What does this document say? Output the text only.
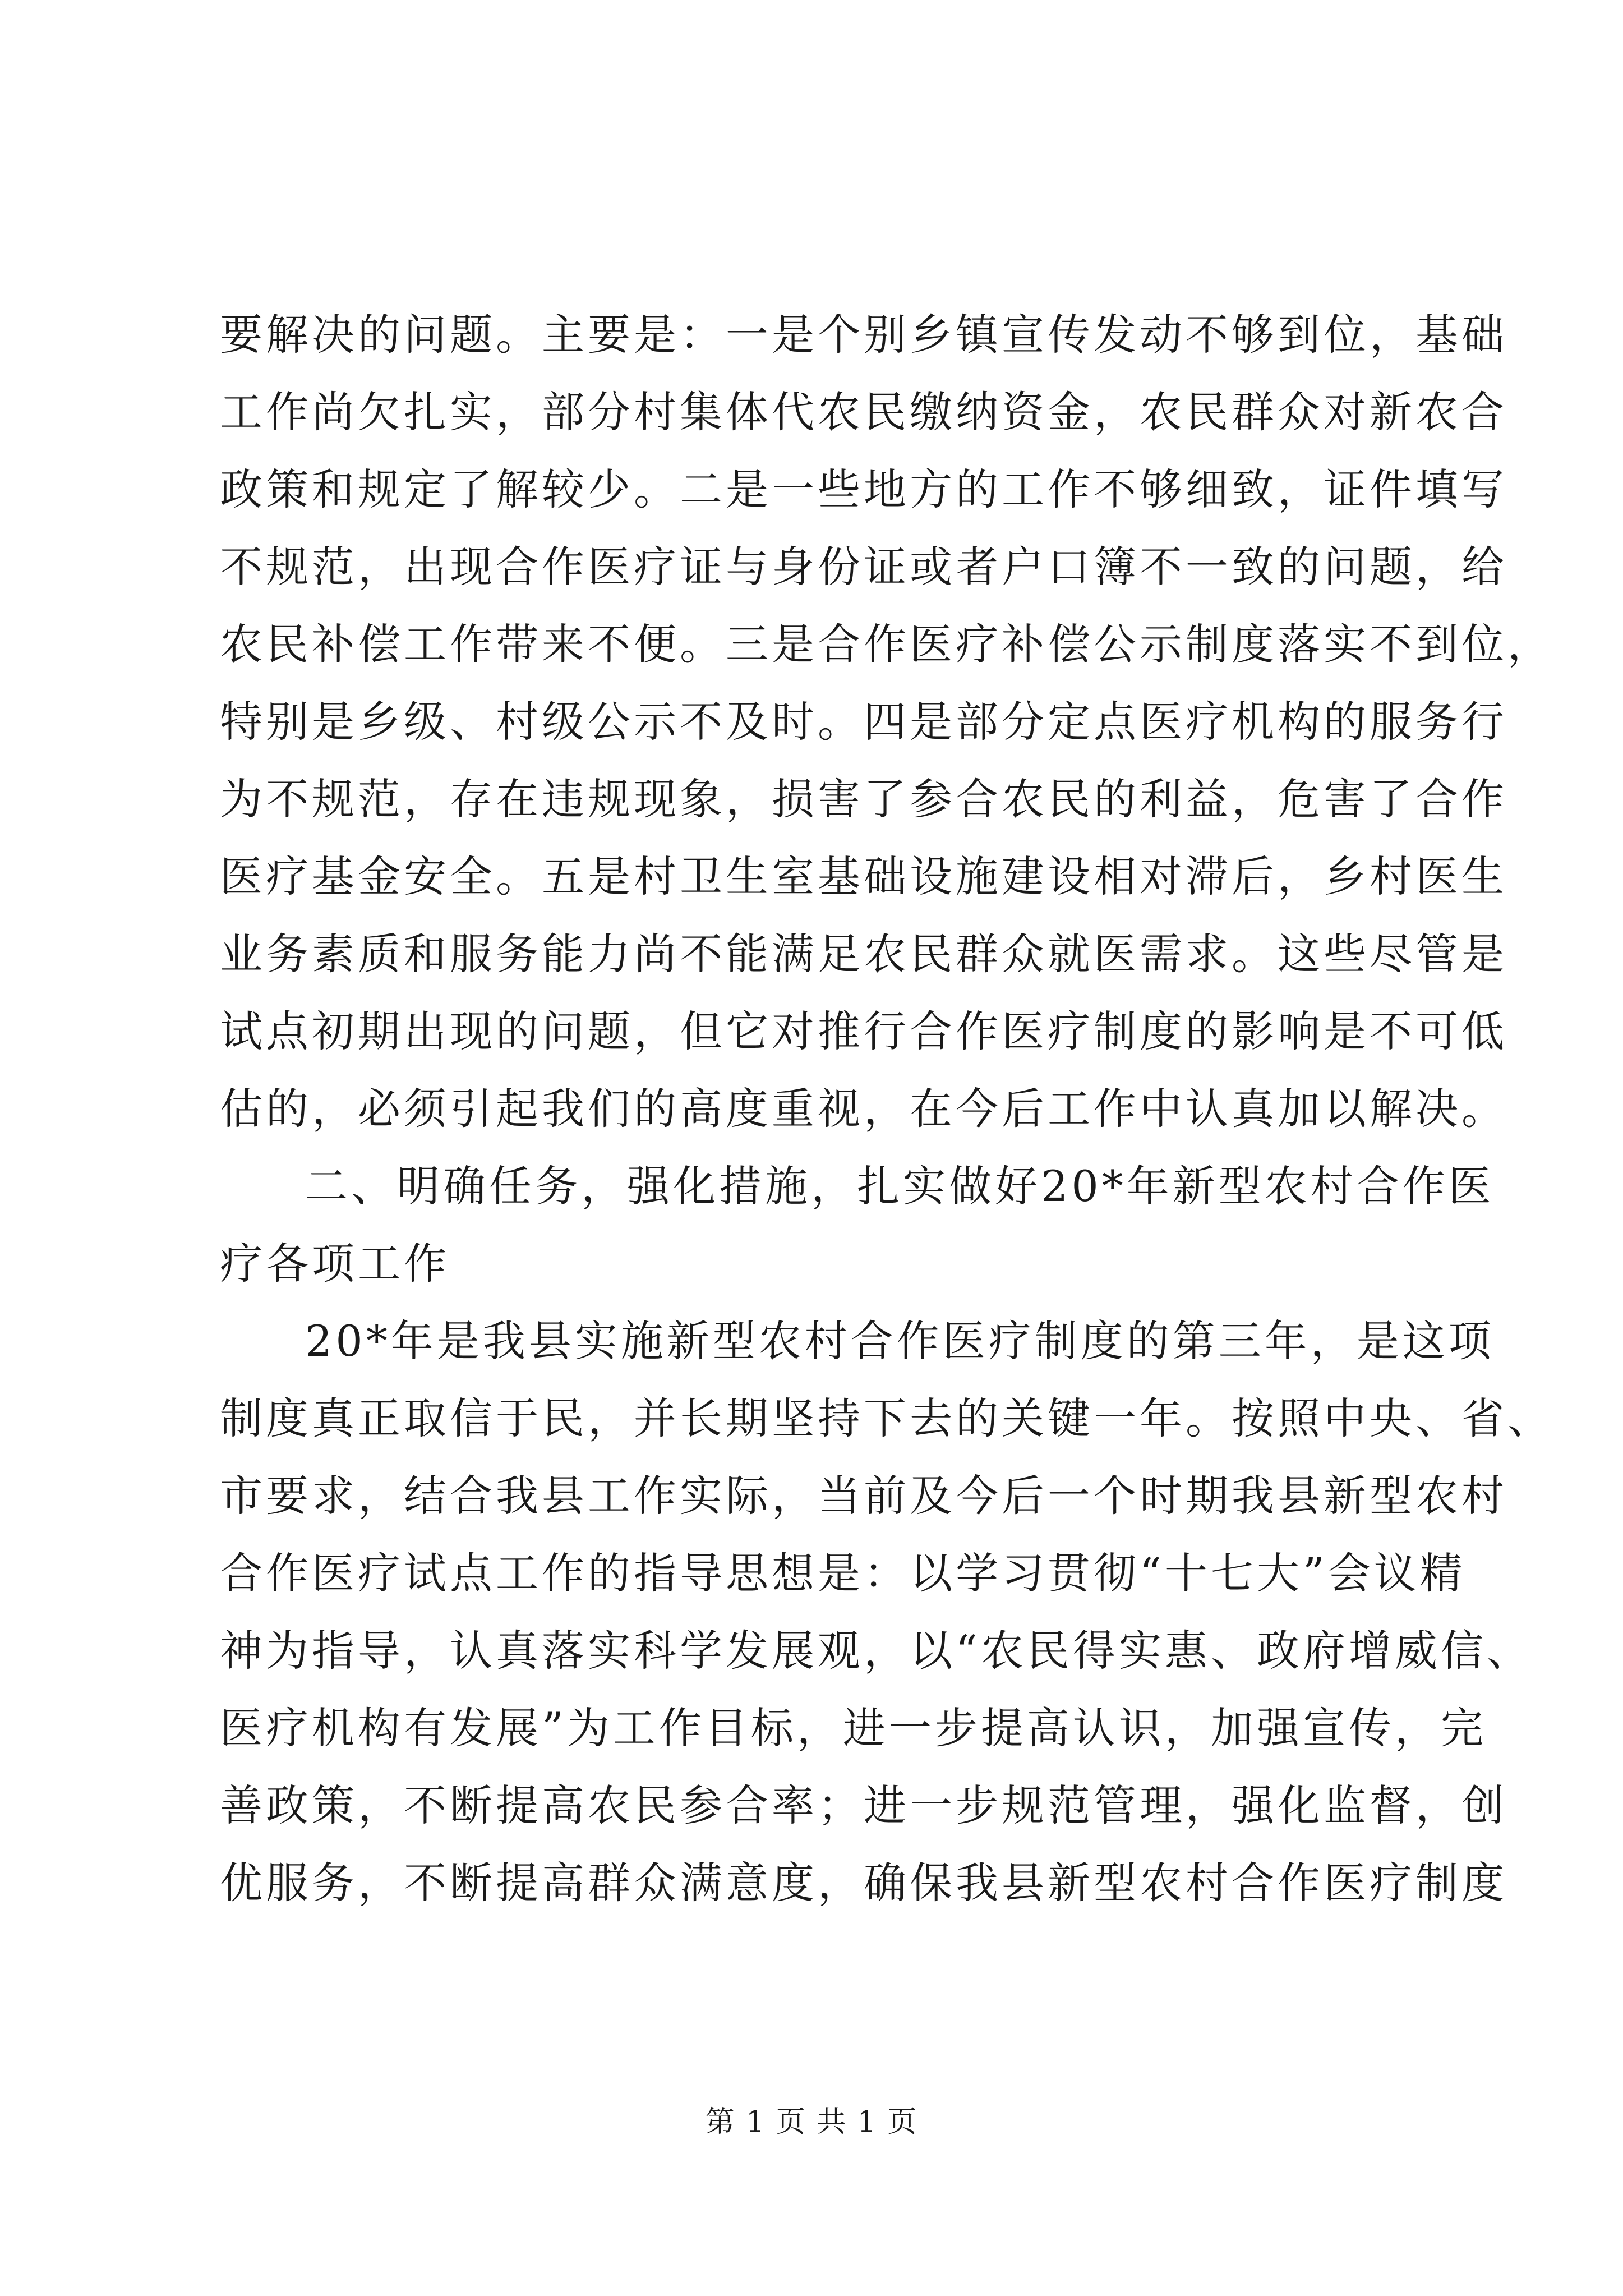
要解决的问题。主要是：一是个别乡镇宣传发动不够到位，基础
工作尚欠扎实，部分村集体代农民缴纳资金，农民群众对新农合
政策和规定了解较少。二是一些地方的工作不够细致，证件填写
不规范，出现合作医疗证与身份证或者户口簿不一致的问题，给
农民补偿工作带来不便。三是合作医疗补偿公示制度落实不到位，
特别是乡级、村级公示不及时。四是部分定点医疗机构的服务行
为不规范，存在违规现象，损害了参合农民的利益，危害了合作
医疗基金安全。五是村卫生室基础设施建设相对滞后，乡村医生
业务素质和服务能力尚不能满足农民群众就医需求。这些尽管是
试点初期出现的问题，但它对推行合作医疗制度的影响是不可低
估的，必须引起我们的高度重视，在今后工作中认真加以解决。
二、明确任务，强化措施，扎实做好20*年新型农村合作医
疗各项工作
20*年是我县实施新型农村合作医疗制度的第三年，是这项
制度真正取信于民，并长期坚持下去的关键一年。按照中央、省、
市要求，结合我县工作实际，当前及今后一个时期我县新型农村
合作医疗试点工作的指导思想是：以学习贯彻“十七大”会议精
神为指导，认真落实科学发展观，以“农民得实惠、政府增威信、
医疗机构有发展”为工作目标，进一步提高认识，加强宣传，完
善政策，不断提高农民参合率；进一步规范管理，强化监督，创
优服务，不断提高群众满意度，确保我县新型农村合作医疗制度
第 1 页 共 1 页
